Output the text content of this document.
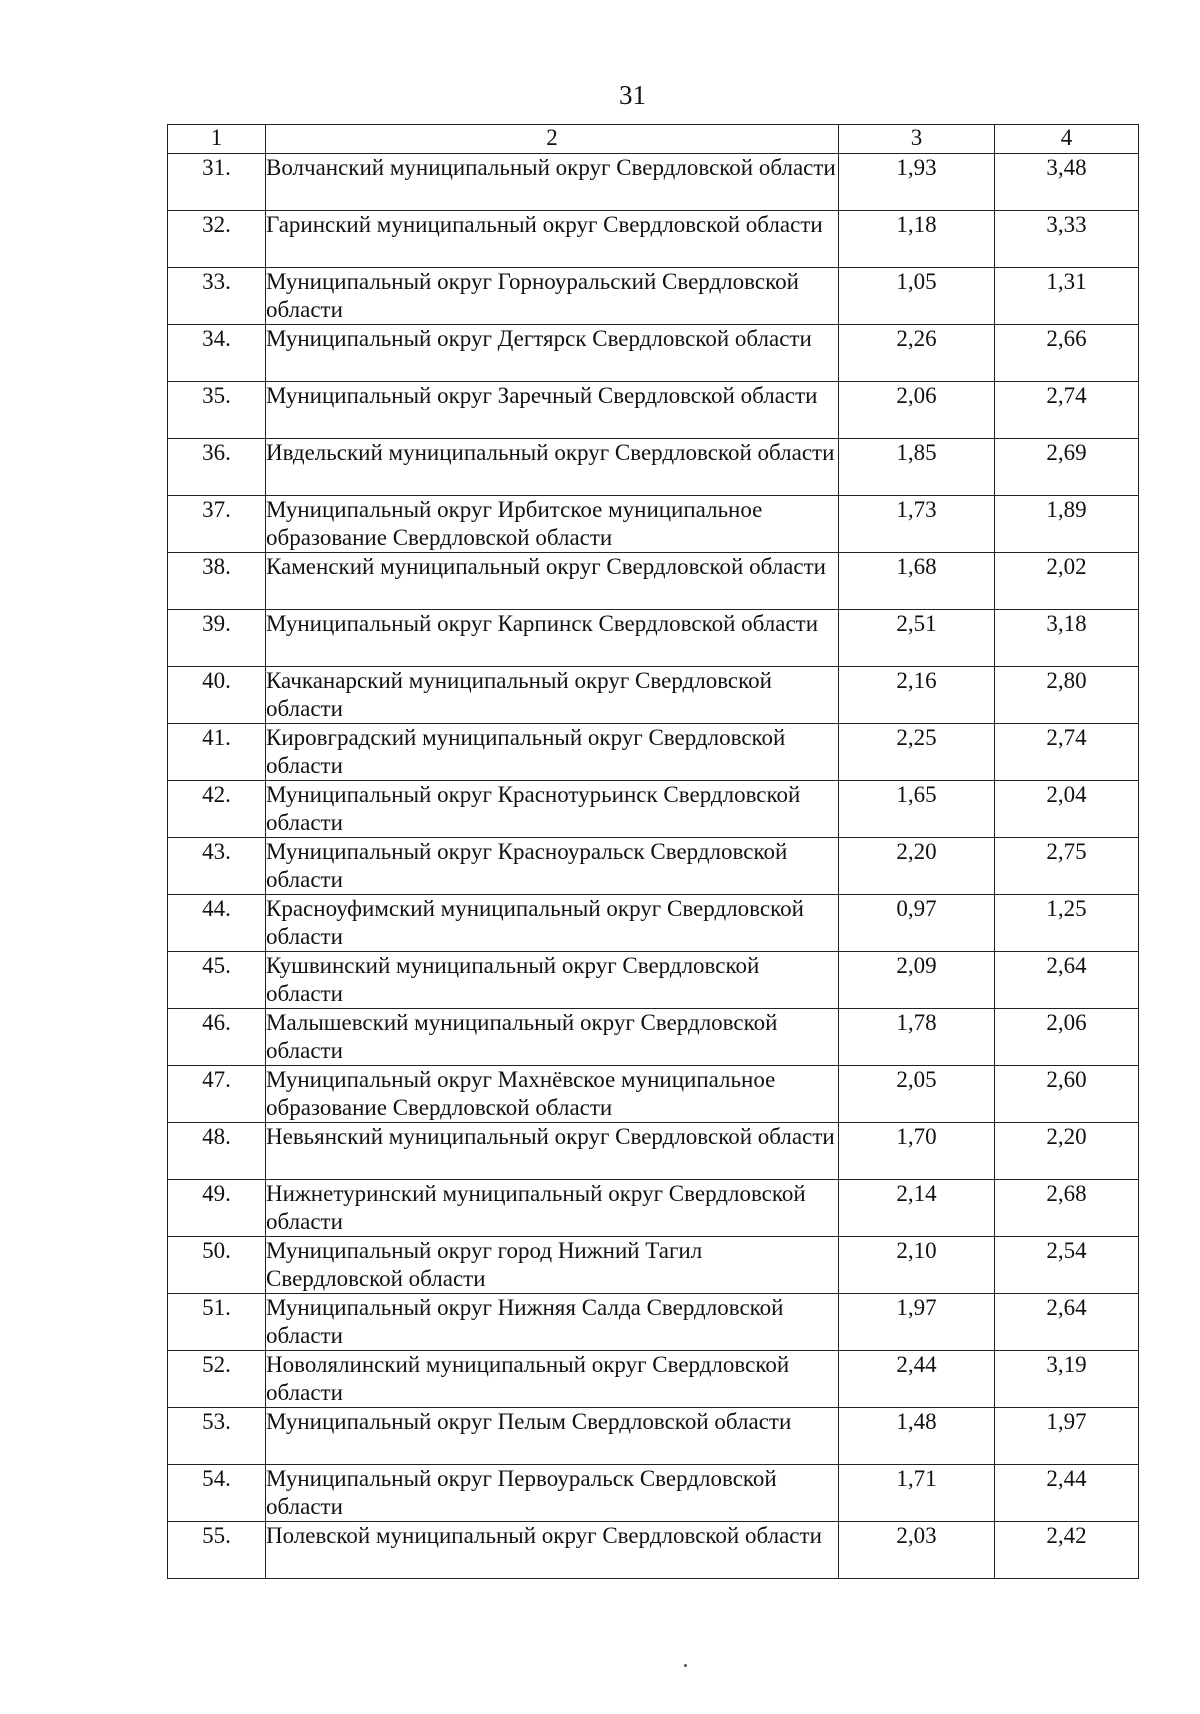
31
1	2	3	4
31.	Волчанский муниципальный округ Свердловской области	1,93	3,48
32.	Гаринский муниципальный округ Свердловской области	1,18	3,33
33.	Муниципальный округ Горноуральский Свердловской области	1,05	1,31
34.	Муниципальный округ Дегтярск Свердловской области	2,26	2,66
35.	Муниципальный округ Заречный Свердловской области	2,06	2,74
36.	Ивдельский муниципальный округ Свердловской области	1,85	2,69
37.	Муниципальный округ Ирбитское муниципальное образование Свердловской области	1,73	1,89
38.	Каменский муниципальный округ Свердловской области	1,68	2,02
39.	Муниципальный округ Карпинск Свердловской области	2,51	3,18
40.	Качканарский муниципальный округ Свердловской области	2,16	2,80
41.	Кировградский муниципальный округ Свердловской области	2,25	2,74
42.	Муниципальный округ Краснотурьинск Свердловской области	1,65	2,04
43.	Муниципальный округ Красноуральск Свердловской области	2,20	2,75
44.	Красноуфимский муниципальный округ Свердловской области	0,97	1,25
45.	Кушвинский муниципальный округ Свердловской области	2,09	2,64
46.	Малышевский муниципальный округ Свердловской области	1,78	2,06
47.	Муниципальный округ Махнёвское муниципальное образование Свердловской области	2,05	2,60
48.	Невьянский муниципальный округ Свердловской области	1,70	2,20
49.	Нижнетуринский муниципальный округ Свердловской области	2,14	2,68
50.	Муниципальный округ город Нижний Тагил Свердловской области	2,10	2,54
51.	Муниципальный округ Нижняя Салда Свердловской области	1,97	2,64
52.	Новолялинский муниципальный округ Свердловской области	2,44	3,19
53.	Муниципальный округ Пелым Свердловской области	1,48	1,97
54.	Муниципальный округ Первоуральск Свердловской области	1,71	2,44
55.	Полевской муниципальный округ Свердловской области	2,03	2,42
